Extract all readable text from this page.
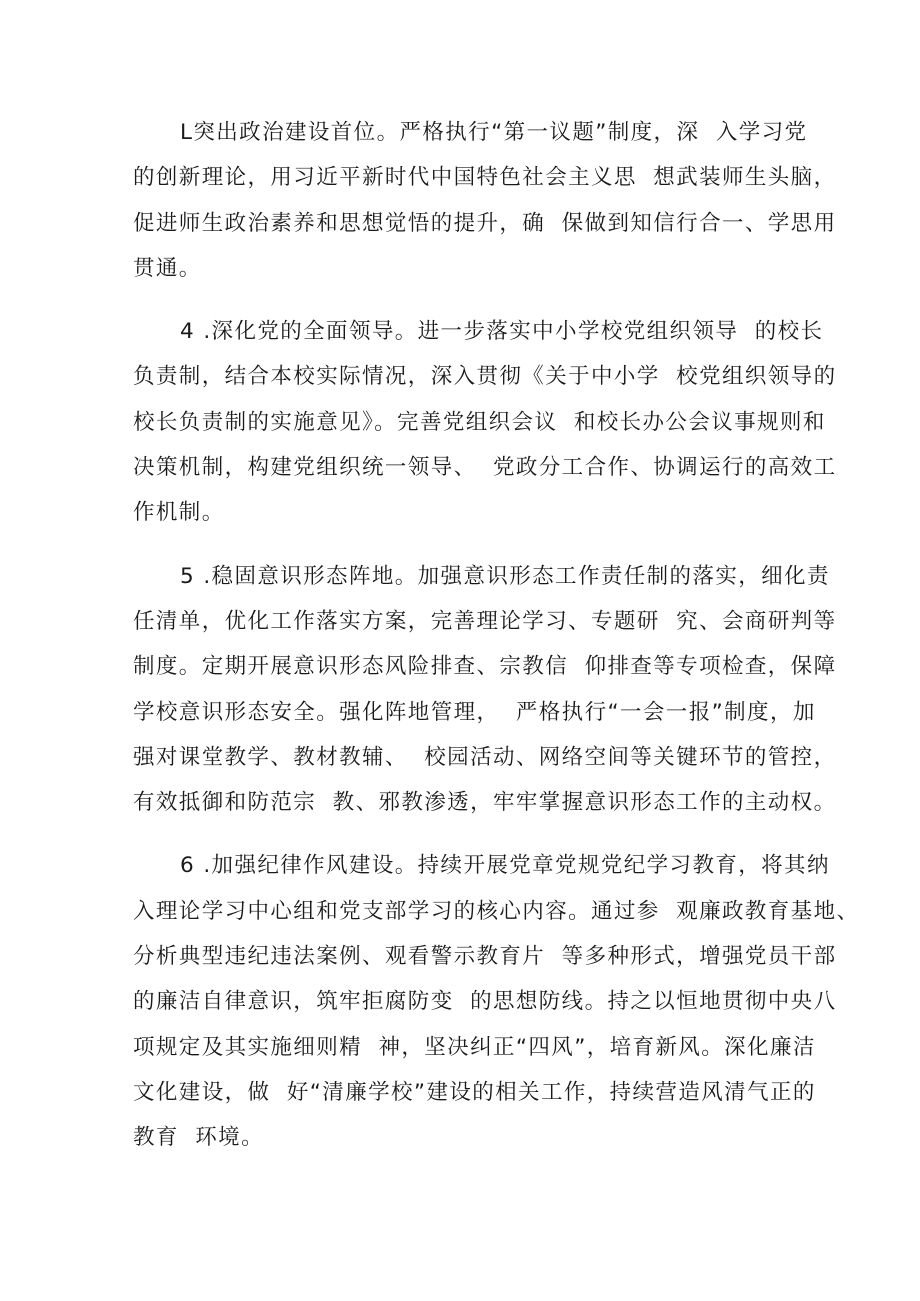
L突出政治建设首位。严格执行“第一议题”制度，深  入学习党
的创新理论，用习近平新时代中国特色社会主义思  想武装师生头脑，
促进师生政治素养和思想觉悟的提升，确  保做到知信行合一、学思用
贯通。
4 .深化党的全面领导。进一步落实中小学校党组织领导  的校长
负责制，结合本校实际情况，深入贯彻《关于中小学  校党组织领导的
校长负责制的实施意见》。完善党组织会议  和校长办公会议事规则和
决策机制，构建党组织统一领导、  党政分工合作、协调运行的高效工
作机制。
5 .稳固意识形态阵地。加强意识形态工作责任制的落实，细化责
任清单，优化工作落实方案，完善理论学习、专题研  究、会商研判等
制度。定期开展意识形态风险排查、宗教信  仰排查等专项检查，保障
学校意识形态安全。强化阵地管理，  严格执行“一会一报”制度，加
强对课堂教学、教材教辅、  校园活动、网络空间等关键环节的管控，
有效抵御和防范宗  教、邪教渗透，牢牢掌握意识形态工作的主动权。
6 .加强纪律作风建设。持续开展党章党规党纪学习教育，将其纳
入理论学习中心组和党支部学习的核心内容。通过参  观廉政教育基地、
分析典型违纪违法案例、观看警示教育片  等多种形式，增强党员干部
的廉洁自律意识，筑牢拒腐防变  的思想防线。持之以恒地贯彻中央八
项规定及其实施细则精  神，坚决纠正“四风”，培育新风。深化廉洁
文化建设，做  好“清廉学校”建设的相关工作，持续营造风清气正的
教育  环境。
